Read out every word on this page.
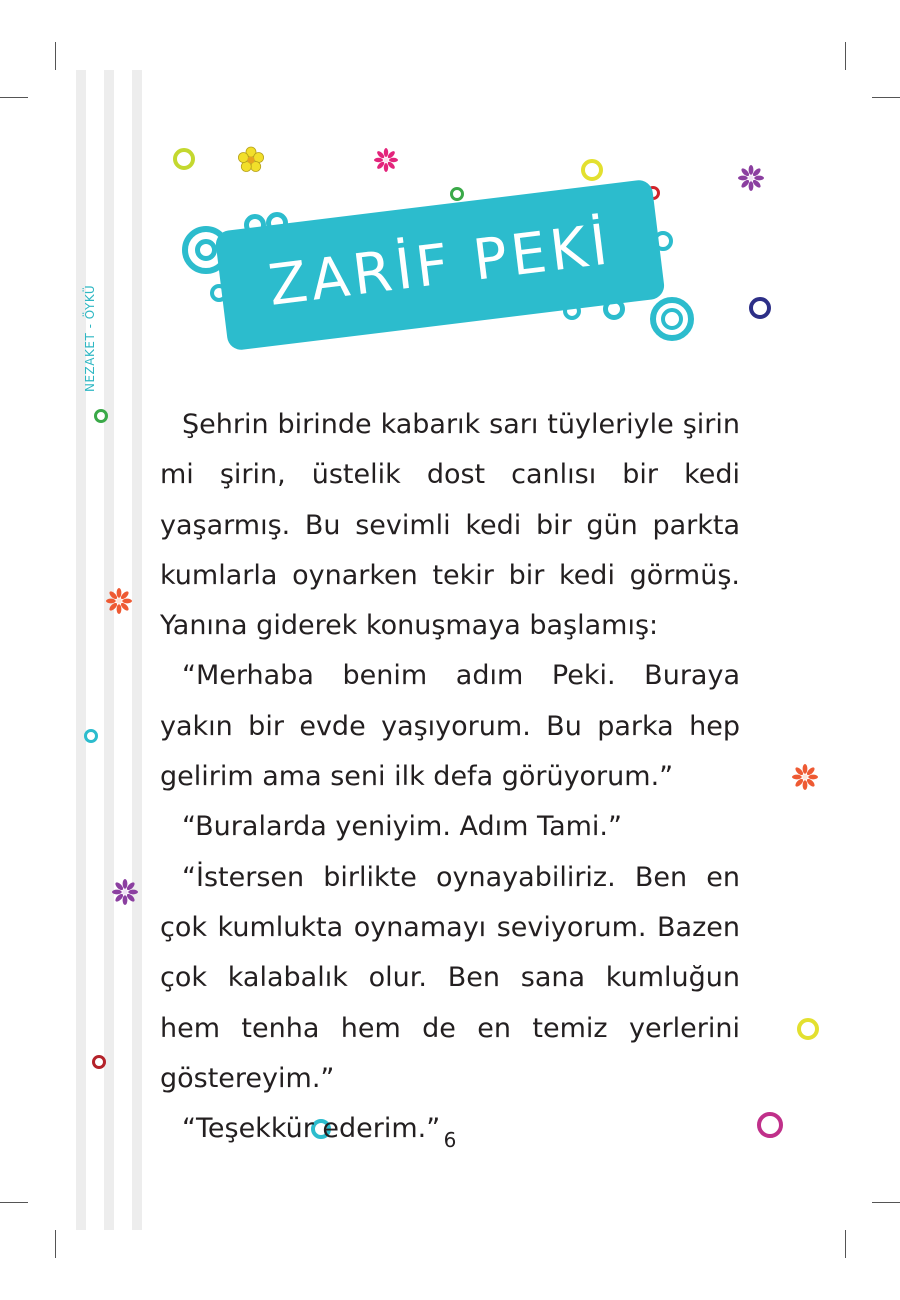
NEZAKET - ÖYKÜ
ZARİF PEKİ

Şehrin birinde kabarık sarı tüyleriyle şirin mi şirin, üstelik dost canlısı bir kedi yaşarmış. Bu sevimli kedi bir gün parkta kumlarla oynarken tekir bir kedi görmüş. Yanına giderek konuşmaya başlamış:

“Merhaba benim adım Peki. Buraya yakın bir evde yaşıyorum. Bu parka hep gelirim ama seni ilk defa görüyorum.”

“Buralarda yeniyim. Adım Tami.”

“İstersen birlikte oynayabiliriz. Ben en çok kumlukta oynamayı seviyorum. Bazen çok kalabalık olur. Ben sana kumluğun hem tenha hem de en temiz yerlerini göstereyim.”

“Teşekkür ederim.” 6
